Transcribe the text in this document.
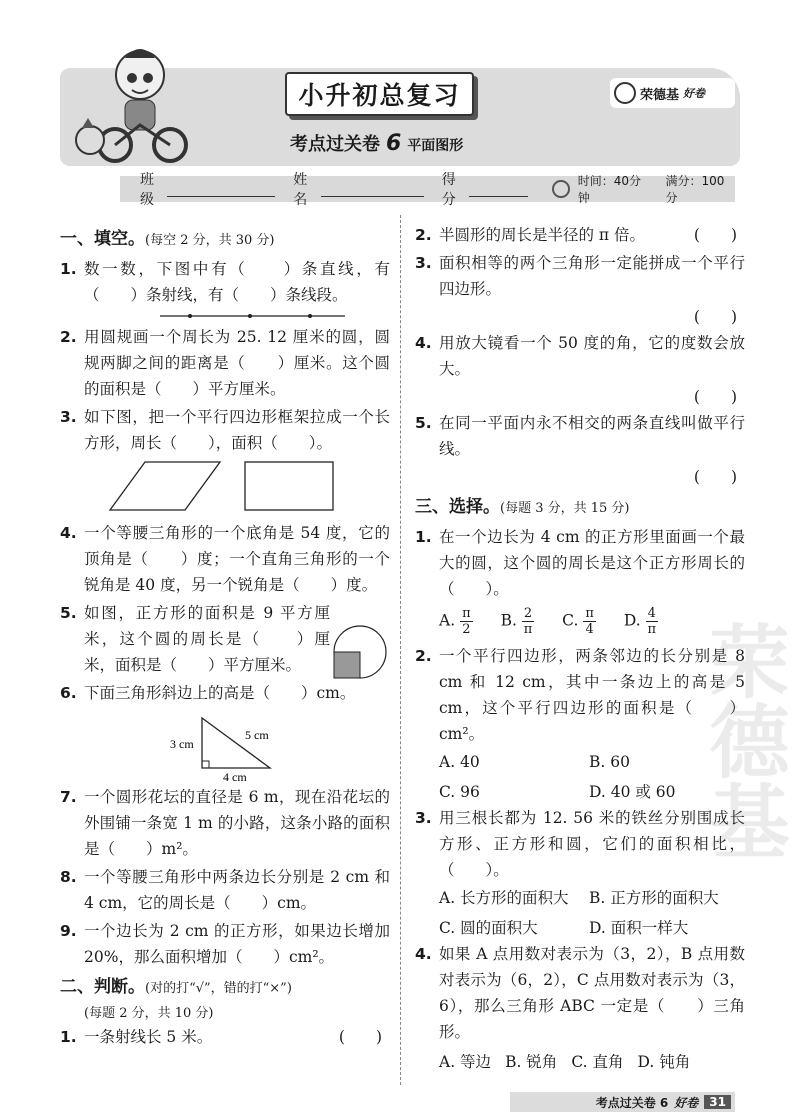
小升初总复习	荣德基 好卷
考点过关卷 6 平面图形
班级
姓名
得分
时间：40分钟
满分：100分
一、填空。(每空 2 分，共 30 分)
1. 数一数，下图中有（　　）条直线，有（　　）条射线，有（　　）条线段。
2. 用圆规画一个周长为 25. 12 厘米的圆，圆规两脚之间的距离是（　　）厘米。这个圆的面积是（　　）平方厘米。
3. 如下图，把一个平行四边形框架拉成一个长方形，周长（　　），面积（　　）。
4. 一个等腰三角形的一个底角是 54 度，它的顶角是（　　）度；一个直角三角形的一个锐角是 40 度，另一个锐角是（　　）度。
5. 如图，正方形的面积是 9 平方厘米，这个圆的周长是（　　）厘米，面积是（　　）平方厘米。
6. 下面三角形斜边上的高是（　　）cm。
3 cm
4 cm
5 cm
7. 一个圆形花坛的直径是 6 m，现在沿花坛的外围铺一条宽 1 m 的小路，这条小路的面积是（　　）m²。
8. 一个等腰三角形中两条边长分别是 2 cm 和 4 cm，它的周长是（　　）cm。
9. 一个边长为 2 cm 的正方形，如果边长增加 20%，那么面积增加（　　）cm²。
二、判断。(对的打“√”，错的打“×”)
(每题 2 分，共 10 分)
1. 一条射线长 5 米。	(　　)
2. 半圆形的周长是半径的 π 倍。	(　　)
3. 面积相等的两个三角形一定能拼成一个平行四边形。
(　　)
4. 用放大镜看一个 50 度的角，它的度数会放大。
(　　)
5. 在同一平面内永不相交的两条直线叫做平行线。
(　　)
三、选择。(每题 3 分，共 15 分)
1. 在一个边长为 4 cm 的正方形里面画一个最大的圆，这个圆的周长是这个正方形周长的（　　）。
A. $\frac{\pi}{2} B$. $\frac{2}{\pi} C$. $\frac{\pi}{4} D$. $\frac{4}{\pi}$
2. 一个平行四边形，两条邻边的长分别是 8 cm 和 12 cm，其中一条边上的高是 5 cm，这个平行四边形的面积是（　　）cm²。
A. 40	B. 60
C. 96	D. 40 或 60
3. 用三根长都为 12. 56 米的铁丝分别围成长方形、正方形和圆，它们的面积相比，（　　）。
A. 长方形的面积大	B. 正方形的面积大
C. 圆的面积大	D. 面积一样大
4. 如果 A 点用数对表示为（3，2），B 点用数对表示为（6，2），C 点用数对表示为（3，6），那么三角形 ABC 一定是（　　）三角形。
A. 等边 B. 锐角 C. 直角 D. 钝角
荣德基
考点过关卷 6 好卷 31
